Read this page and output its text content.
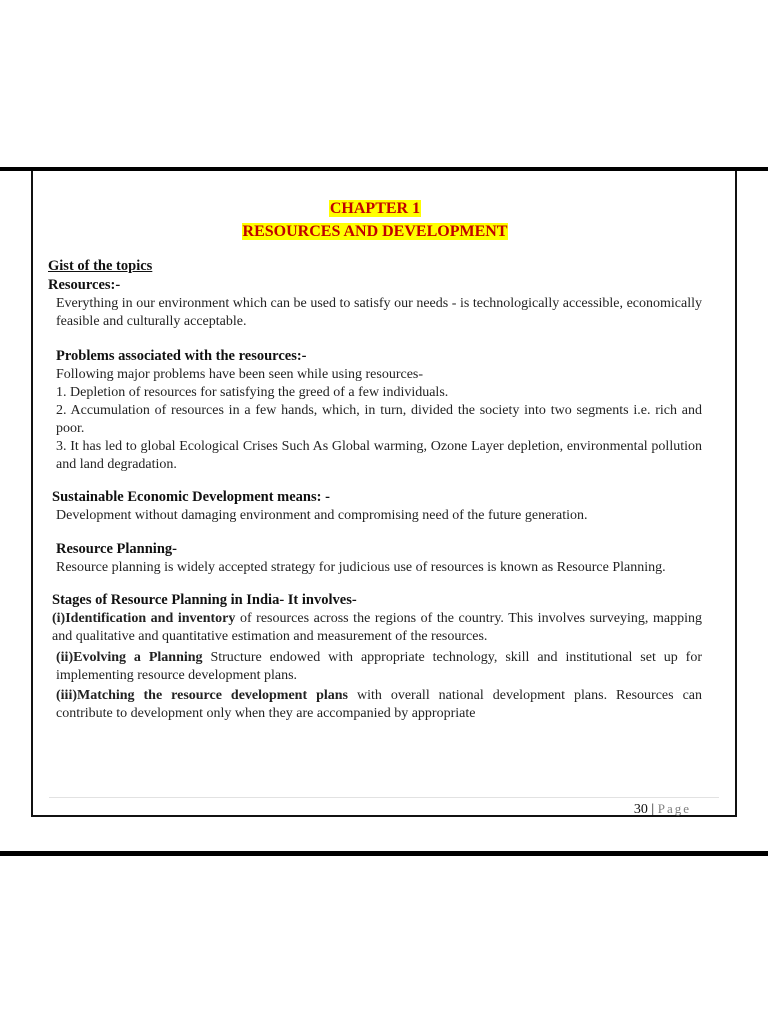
CHAPTER 1
RESOURCES AND DEVELOPMENT

Gist of the topics

Resources:-

Everything in our environment which can be used to satisfy our needs - is technologically accessible, economically feasible and culturally acceptable.

Problems associated with the resources:-

Following major problems have been seen while using resources-

1. Depletion of resources for satisfying the greed of a few individuals.

2. Accumulation of resources in a few hands, which, in turn, divided the society into two segments i.e. rich and poor.

3. It has led to global Ecological Crises Such As Global warming, Ozone Layer depletion, environmental pollution and land degradation.

Sustainable Economic Development means: -

Development without damaging environment and compromising need of the future generation.

Resource Planning-

Resource planning is widely accepted strategy for judicious use of resources is known as Resource Planning.

Stages of Resource Planning in India- It involves-

(i)Identification and inventory of resources across the regions of the country. This involves surveying, mapping and qualitative and quantitative estimation and measurement of the resources.

(ii)Evolving a Planning Structure endowed with appropriate technology, skill and institutional set up for implementing resource development plans.

(iii)Matching the resource development plans with overall national development plans. Resources can contribute to development only when they are accompanied by appropriate

30 | Page
